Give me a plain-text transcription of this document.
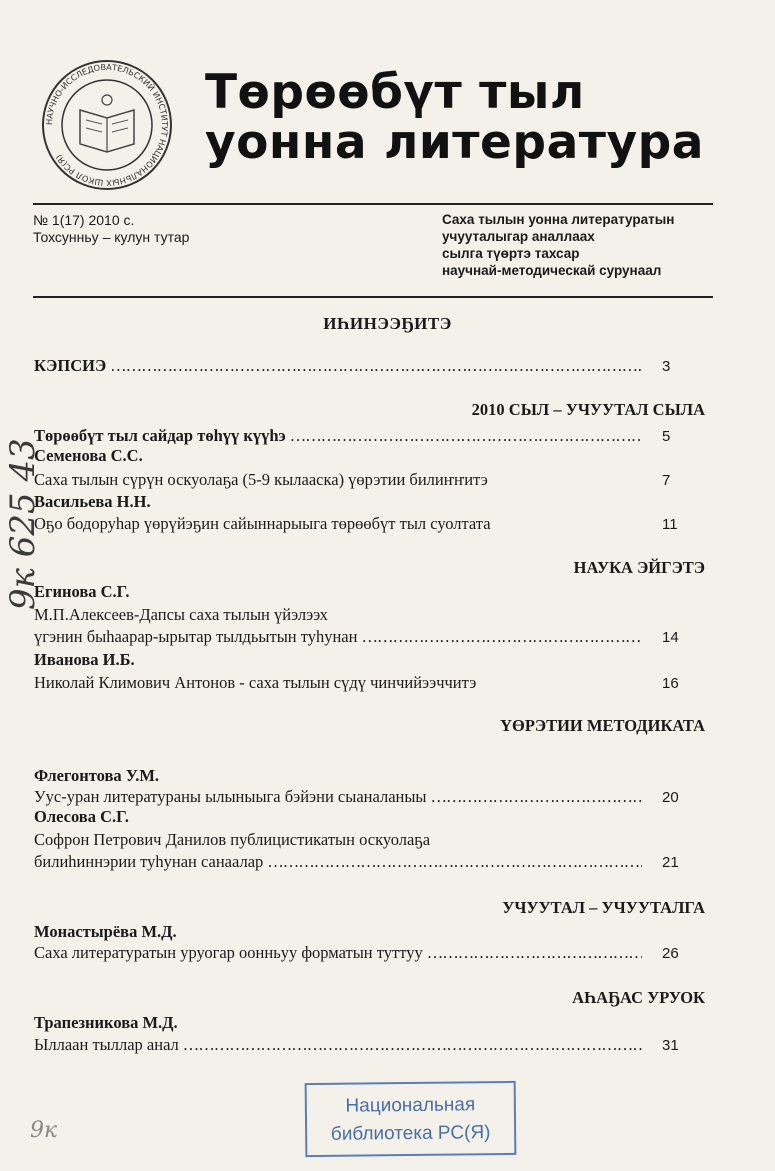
НАУЧНО-ИССЛЕДОВАТЕЛЬСКИЙ ИНСТИТУТ НАЦИОНАЛЬНЫХ ШКОЛ РС(Я)
Төрөөбүт тыл
уонна литература
№ 1(17) 2010 с.
Тохсунньу – кулун тутар
Саха тылын уонна литературатын
учууталыгар аналлаах
сылга түөртэ тахсар
научнай-методическай сурунаал
ИҺИНЭЭҔИТЭ
КЭПСИЭ …………………………………………………………………………………………………………………………………………	3
2010 СЫЛ – УЧУУТАЛ СЫЛА
Төрөөбүт тыл сайдар төһүү күүһэ …………………………………………………………………………………………………………………………………………	5
Семенова С.С.
Саха тылын сүрүн оскуолаҕа (5-9 кылааска) үөрэтии билиҥҥитэ	7
Васильева Н.Н.
Оҕо бодоруһар үөрүйэҕин сайыннарыыга төрөөбүт тыл суолтата	11
НАУКА ЭЙГЭТЭ
Егинова С.Г.
М.П.Алексеев-Дапсы саха тылын үйэлээх
үгэнин быһаарар-ырытар тылдьытын туһунан …………………………………………………………………………………………………………………………………………	14
Иванова И.Б.
Николай Климович Антонов - саха тылын сүдү чинчийээччитэ	16
ҮӨРЭТИИ МЕТОДИКАТА
Флегонтова У.М.
Уус-уран литератураны ылыныыга бэйэни сыаналаныы …………………………………………………………………………………………………………………………………………	20
Олесова С.Г.
Софрон Петрович Данилов публицистикатын оскуолаҕа
билиһиннэрии туһунан санаалар …………………………………………………………………………………………………………………………………………	21
УЧУУТАЛ – УЧУУТАЛГА
Монастырёва М.Д.
Саха литературатын уруогар оонньуу форматын туттуу …………………………………………………………………………………………………………………………………………	26
АҺАҔАС УРУОК
Трапезникова М.Д.
Ыллаан тыллар анал …………………………………………………………………………………………………………………………………………	31
9к 625 43
9к
Национальная
библиотека РС(Я)
